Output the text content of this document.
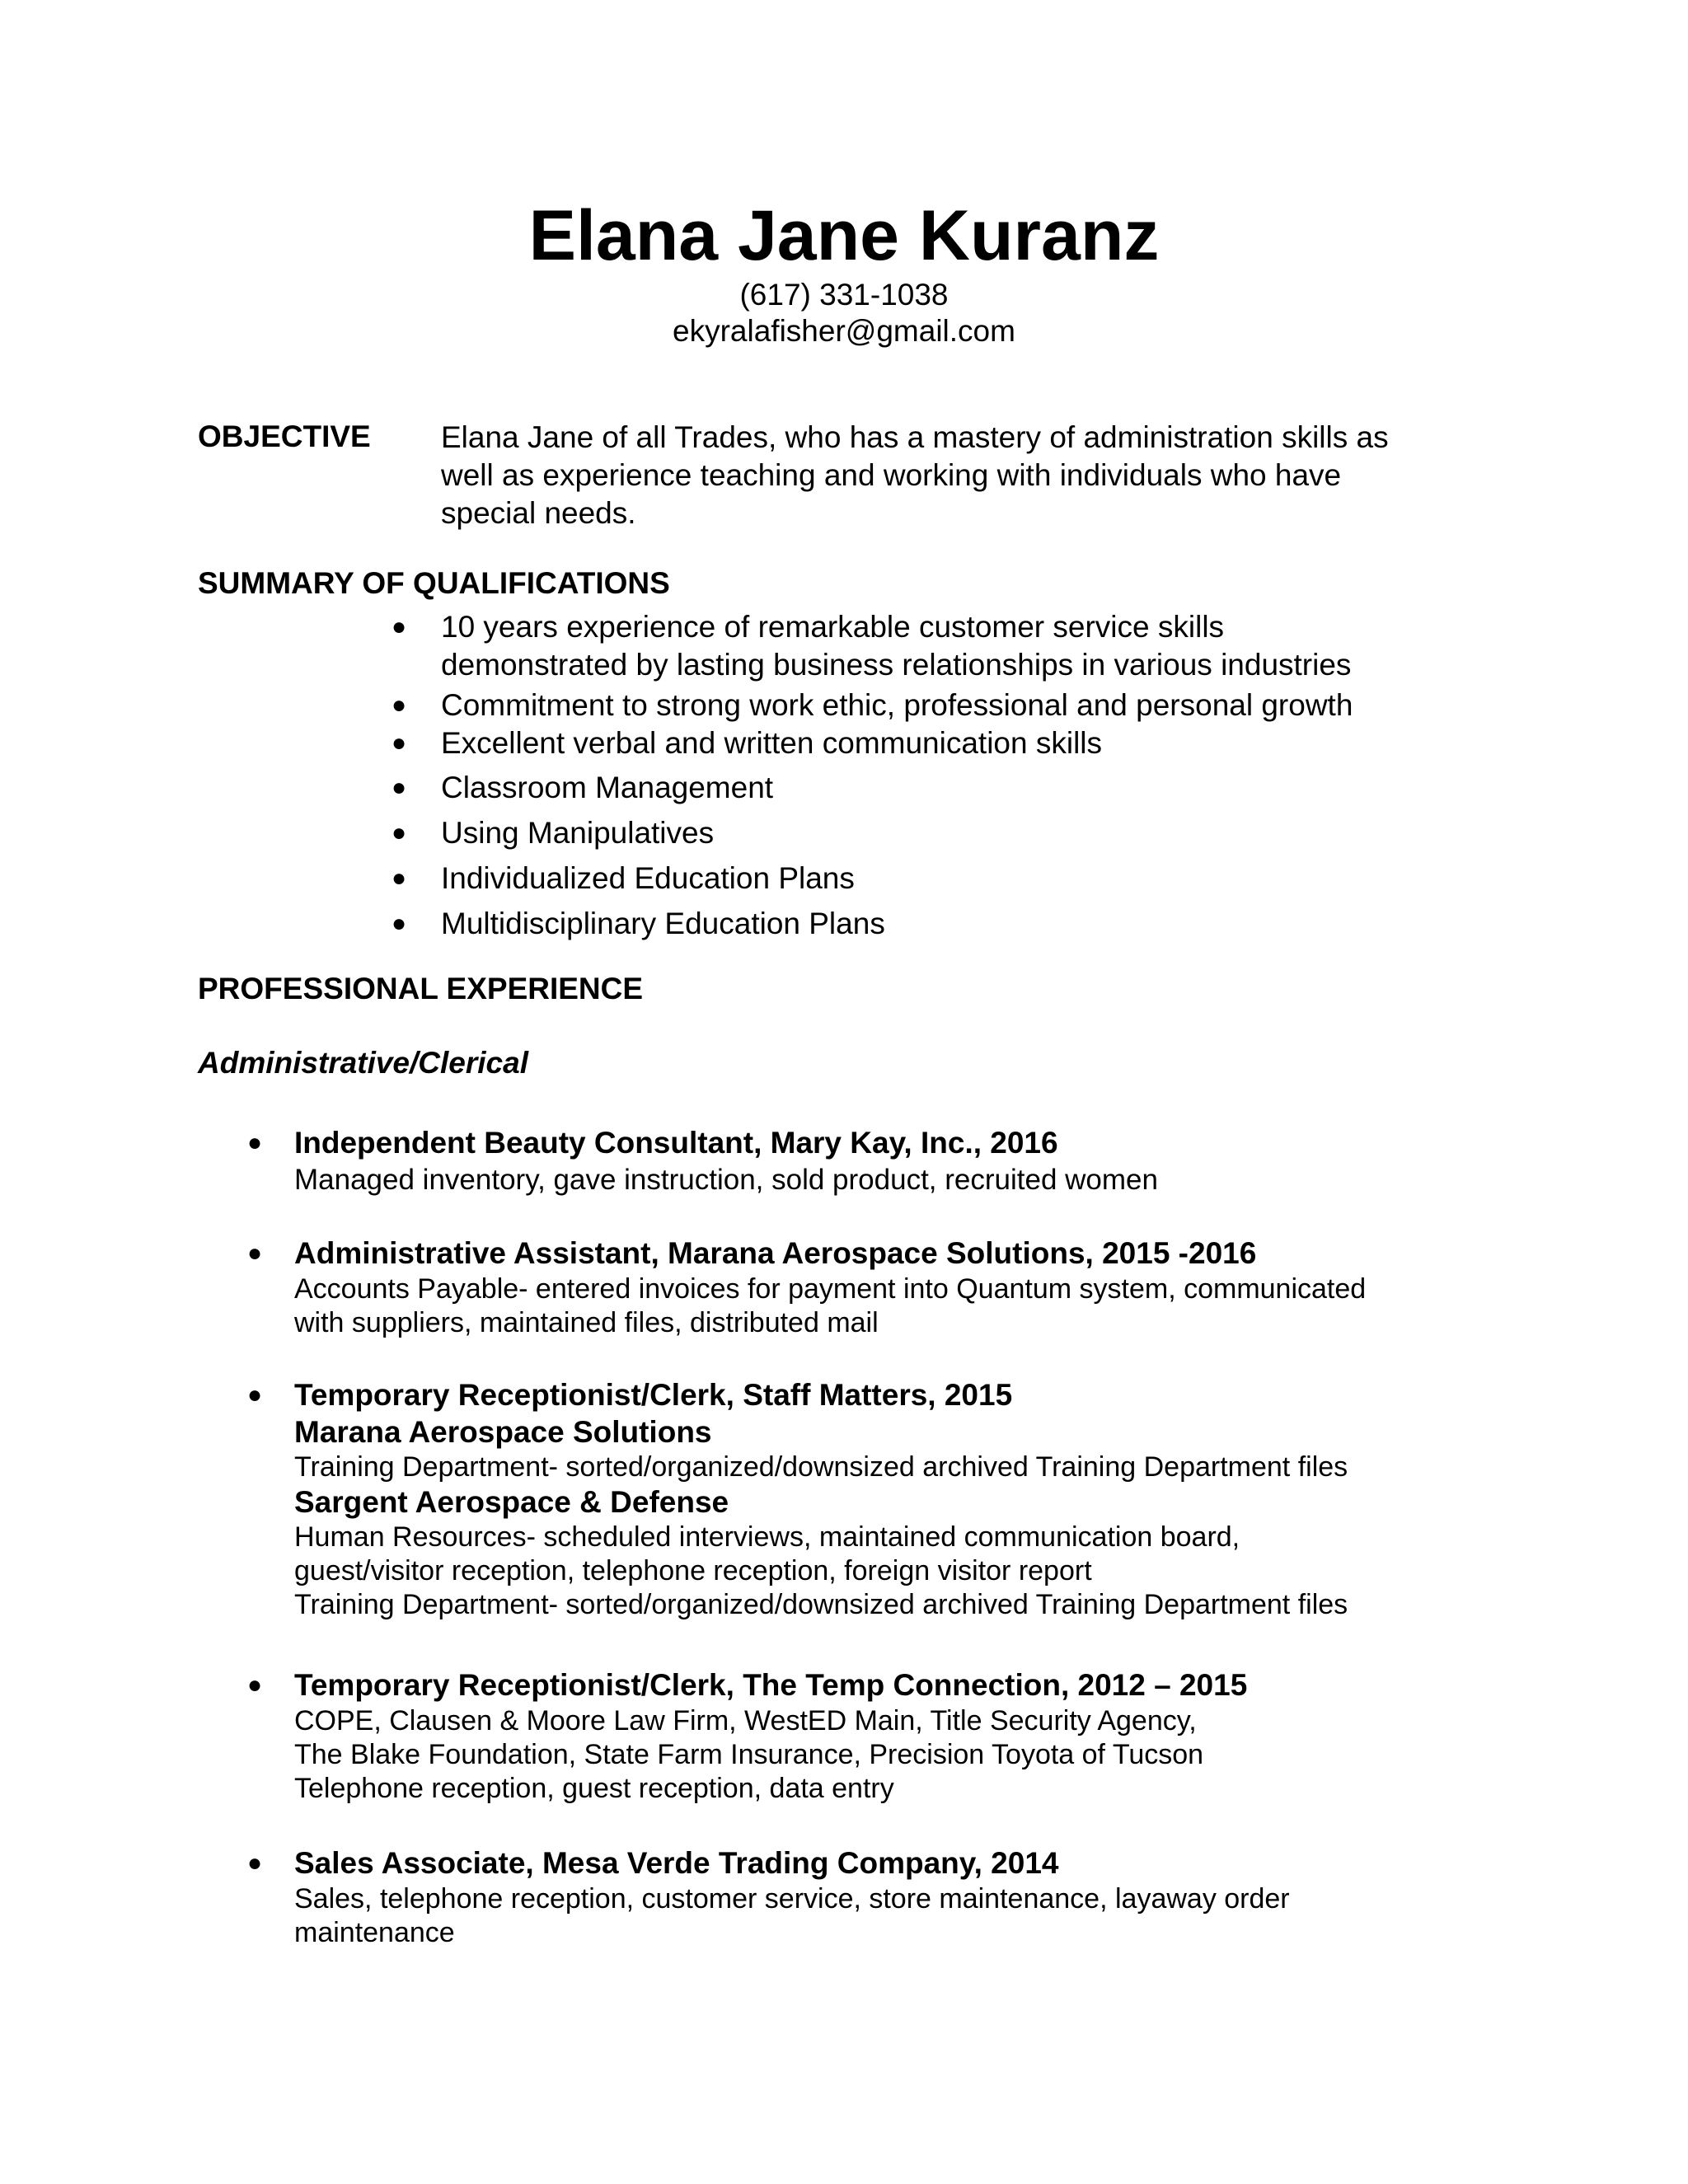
Elana Jane Kuranz
(617) 331-1038
ekyralafisher@gmail.com
OBJECTIVE Elana Jane of all Trades, who has a mastery of administration skills as
well as experience teaching and working with individuals who have
special needs.
SUMMARY OF QUALIFICATIONS
●	10 years experience of remarkable customer service skills
demonstrated by lasting business relationships in various industries
●	Commitment to strong work ethic, professional and personal growth
●	Excellent verbal and written communication skills
●	Classroom Management
●	Using Manipulatives
●	Individualized Education Plans
●	Multidisciplinary Education Plans
PROFESSIONAL EXPERIENCE
Administrative/Clerical
● Independent Beauty Consultant, Mary Kay, Inc., 2016
Managed inventory, gave instruction, sold product, recruited women
● Administrative Assistant, Marana Aerospace Solutions, 2015 -2016
Accounts Payable- entered invoices for payment into Quantum system, communicated
with suppliers, maintained files, distributed mail
● Temporary Receptionist/Clerk, Staff Matters, 2015
Marana Aerospace Solutions
Training Department- sorted/organized/downsized archived Training Department files
Sargent Aerospace & Defense
Human Resources- scheduled interviews, maintained communication board,
guest/visitor reception, telephone reception, foreign visitor report
Training Department- sorted/organized/downsized archived Training Department files
● Temporary Receptionist/Clerk, The Temp Connection, 2012 – 2015
COPE, Clausen & Moore Law Firm, WestED Main, Title Security Agency,
The Blake Foundation, State Farm Insurance, Precision Toyota of Tucson
Telephone reception, guest reception, data entry
● Sales Associate, Mesa Verde Trading Company, 2014
Sales, telephone reception, customer service, store maintenance, layaway order
maintenance
